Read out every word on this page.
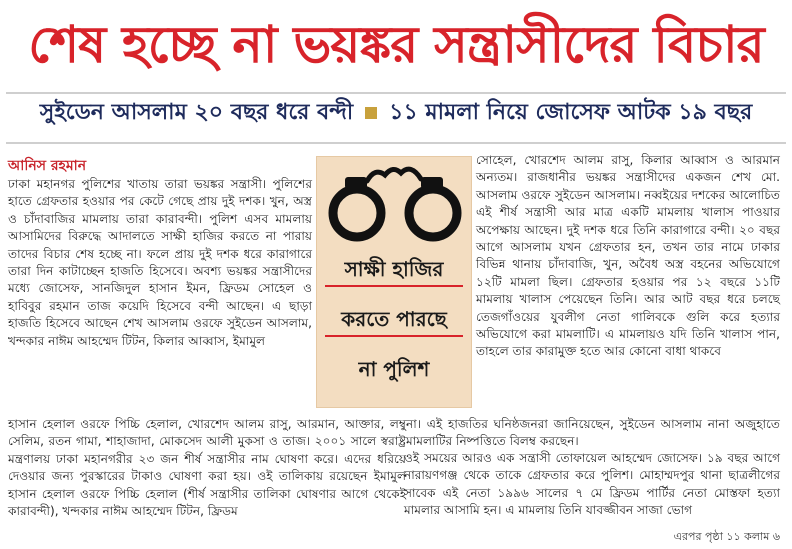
শেষ হচ্ছে না ভয়ঙ্কর সন্ত্রাসীদের বিচার
সুইডেন আসলাম ২০ বছর ধরে বন্দী ১১ মামলা নিয়ে জোসেফ আটক ১৯ বছর
আনিস রহমান

ঢাকা মহানগর পুলিশের খাতায় তারা ভয়ঙ্কর সন্ত্রাসী। পুলিশের হাতে গ্রেফতার হওয়ার পর কেটে গেছে প্রায় দুই দশক। খুন, অস্ত্র ও চাঁদাবাজির মামলায় তারা কারাবন্দী। পুলিশ এসব মামলায় আসামিদের বিরুদ্ধে আদালতে সাক্ষী হাজির করতে না পারায় তাদের বিচার শেষ হচ্ছে না। ফলে প্রায় দুই দশক ধরে কারাগারে তারা দিন কাটাচ্ছেন হাজতি হিসেবে। অবশ্য ভয়ঙ্কর সন্ত্রাসীদের মধ্যে জোসেফ, সানজিদুল হাসান ইমন, ফ্রিডম সোহেল ও হাবিবুর রহমান তাজ কয়েদি হিসেবে বন্দী আছেন। এ ছাড়া হাজতি হিসেবে আছেন শেখ আসলাম ওরফে সুইডেন আসলাম, খন্দকার নাঈম আহম্মেদ টিটন, কিলার আব্বাস, ইমামুল

সাক্ষী হাজির
করতে পারছে
না পুলিশ

হাসান হেলাল ওরফে পিচ্চি হেলাল, খোরশেদ আলম রাসু, আরমান, আক্তার, লম্বু সেলিম, রতন গামা, শাহাজাদা, মোকসেদ আলী মুকসা ও তাজ। ২০০১ সালে স্বরাষ্ট্র মন্ত্রণালয় ঢাকা মহানগরীর ২৩ জন শীর্ষ সন্ত্রাসীর নাম ঘোষণা করে। এদের ধরিয়ে দেওয়ার জন্য পুরস্কারের টাকাও ঘোষণা করা হয়। ওই তালিকায় রয়েছেন ইমামুল হাসান হেলাল ওরফে পিচ্চি হেলাল (শীর্ষ সন্ত্রাসীর তালিকা ঘোষণার আগে থেকেই কারাবন্দী), খন্দকার নাঈম আহম্মেদ টিটন, ফ্রিডম

সোহেল, খোরশেদ আলম রাসু, কিলার আব্বাস ও আরমান অন্যতম। রাজধানীর ভয়ঙ্কর সন্ত্রাসীদের একজন শেখ মো. আসলাম ওরফে সুইডেন আসলাম। নব্বইয়ের দশকের আলোচিত এই শীর্ষ সন্ত্রাসী আর মাত্র একটি মামলায় খালাস পাওয়ার অপেক্ষায় আছেন। দুই দশক ধরে তিনি কারাগারে বন্দী। ২০ বছর আগে আসলাম যখন গ্রেফতার হন, তখন তার নামে ঢাকার বিভিন্ন থানায় চাঁদাবাজি, খুন, অবৈধ অস্ত্র বহনের অভিযোগে ১২টি মামলা ছিল। গ্রেফতার হওয়ার পর ১২ বছরে ১১টি মামলায় খালাস পেয়েছেন তিনি। আর আট বছর ধরে চলছে তেজগাঁওয়ের যুবলীগ নেতা গালিবকে গুলি করে হত্যার অভিযোগে করা মামলাটি। এ মামলায়ও যদি তিনি খালাস পান, তাহলে তার কারামুক্ত হতে আর কোনো বাধা থাকবে

না। এই হাজতির ঘনিষ্ঠজনরা জানিয়েছেন, সুইডেন আসলাম নানা অজুহাতে মামলাটির নিষ্পত্তিতে বিলম্ব করছেন।

ওই সময়ের আরও এক সন্ত্রাসী তোফায়েল আহম্মেদ জোসেফ। ১৯ বছর আগে নারায়ণগঞ্জ থেকে তাকে গ্রেফতার করে পুলিশ। মোহাম্মদপুর থানা ছাত্রলীগের সাবেক এই নেতা ১৯৯৬ সালের ৭ মে ফ্রিডম পার্টির নেতা মোস্তফা হত্যা মামলার আসামি হন। এ মামলায় তিনি যাবজ্জীবন সাজা ভোগ

এরপর পৃষ্ঠা ১১ কলাম ৬
